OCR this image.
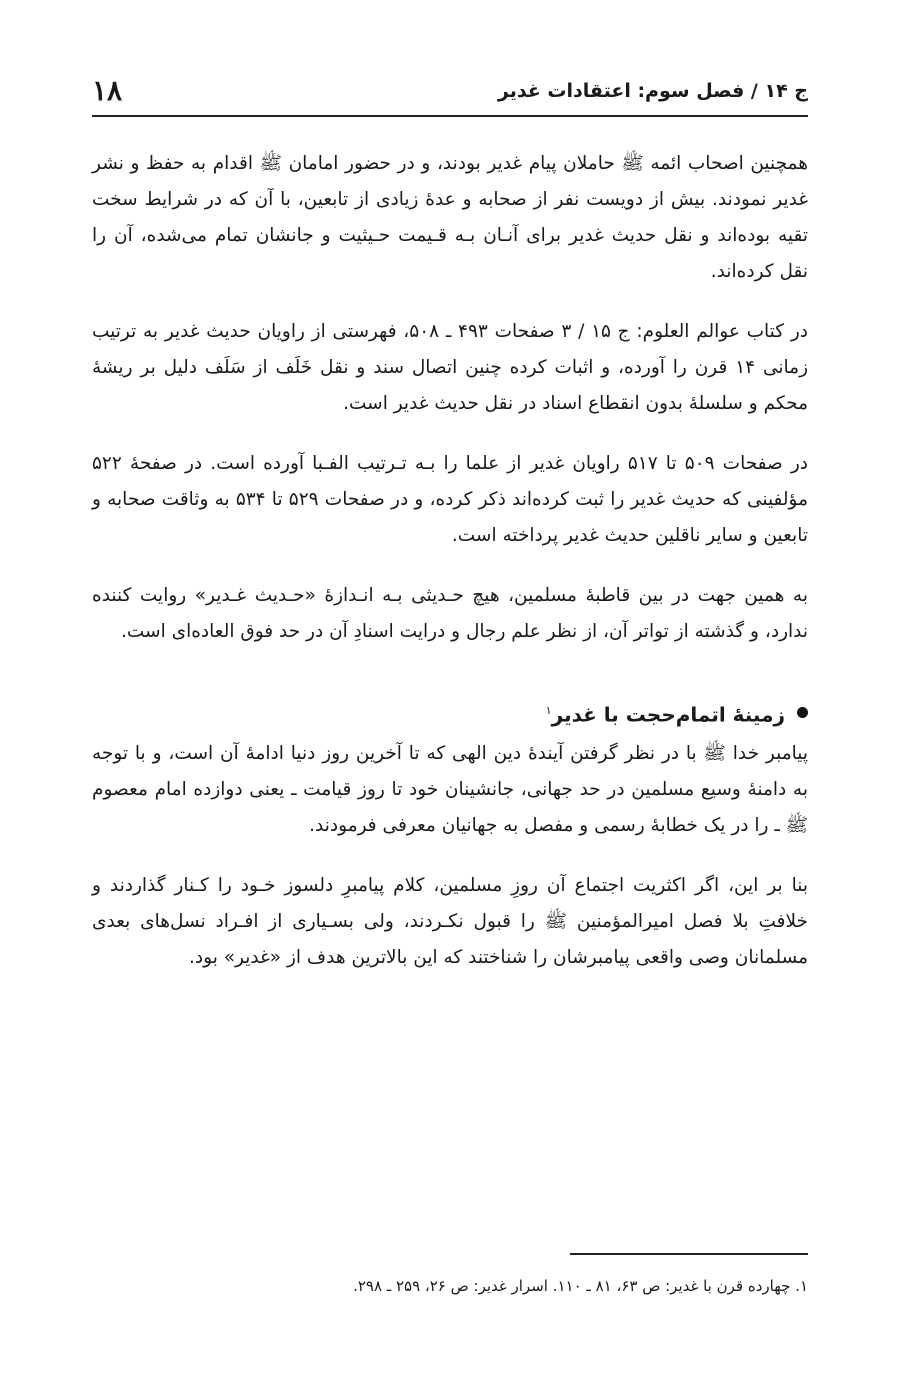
ج ۱۴ / فصل سوم: اعتقادات غدیر
۱۸

همچنین اصحاب ائمه ﷺ حاملان پیام غدیر بودند، و در حضور امامان ﷺ اقدام به حفظ و نشر غدیر نمودند. بیش از دویست نفر از صحابه و عدهٔ زیادی از تابعین، با آن که در شرایط سخت تقیه بوده‌اند و نقل حدیث غدیر برای آنـان بـه قـیمت حـیثیت و جانشان تمام می‌شده، آن را نقل کرده‌اند.

در کتاب عوالم العلوم: ج ۱۵ / ۳ صفحات ۴۹۳ ـ ۵۰۸، فهرستی از راویان حدیث غدیر به ترتیب زمانی ۱۴ قرن را آورده، و اثبات کرده چنین اتصال سند و نقل خَلَف از سَلَف دلیل بر ریشهٔ محکم و سلسلهٔ بدون انقطاع اسناد در نقل حدیث غدیر است.

در صفحات ۵۰۹ تا ۵۱۷ راویان غدیر از علما را بـه تـرتیب الفـبا آورده است. در صفحهٔ ۵۲۲ مؤلفینی که حدیث غدیر را ثبت کرده‌اند ذکر کرده، و در صفحات ۵۲۹ تا ۵۳۴ به وثاقت صحابه و تابعین و سایر ناقلین حدیث غدیر پرداخته است.

به همین جهت در بین قاطبهٔ مسلمین، هیچ حـدیثی بـه انـدازهٔ «حـدیث غـدیر» روایت کننده ندارد، و گذشته از تواتر آن، از نظر علم رجال و درایت اسنادِ آن در حد فوق العاده‌ای است.

زمینهٔ اتمام‌حجت با غدیر$^۱$

پیامبر خدا ﷺ با در نظر گرفتن آیندهٔ دین الهی که تا آخرین روز دنیا ادامهٔ آن است، و با توجه به دامنهٔ وسیع مسلمین در حد جهانی، جانشینان خود تا روز قیامت ـ یعنی دوازده امام معصوم ﷺ ـ را در یک خطابهٔ رسمی و مفصل به جهانیان معرفی فرمودند.

بنا بر این، اگر اکثریت اجتماع آن روزِ مسلمین، کلام پیامبرِ دلسوز خـود را کـنار گذاردند و خلافتِ بلا فصل امیرالمؤمنین ﷺ را قبول نکـردند، ولی بسـیاری از افـراد نسل‌های بعدی مسلمانان وصی واقعی پیامبرشان را شناختند که این بالاترین هدف از «غدیر» بود.

۱. چهارده قرن با غدیر: ص ۶۳، ۸۱ ـ ۱۱۰. اسرار غدیر: ص ۲۶، ۲۵۹ ـ ۲۹۸.
